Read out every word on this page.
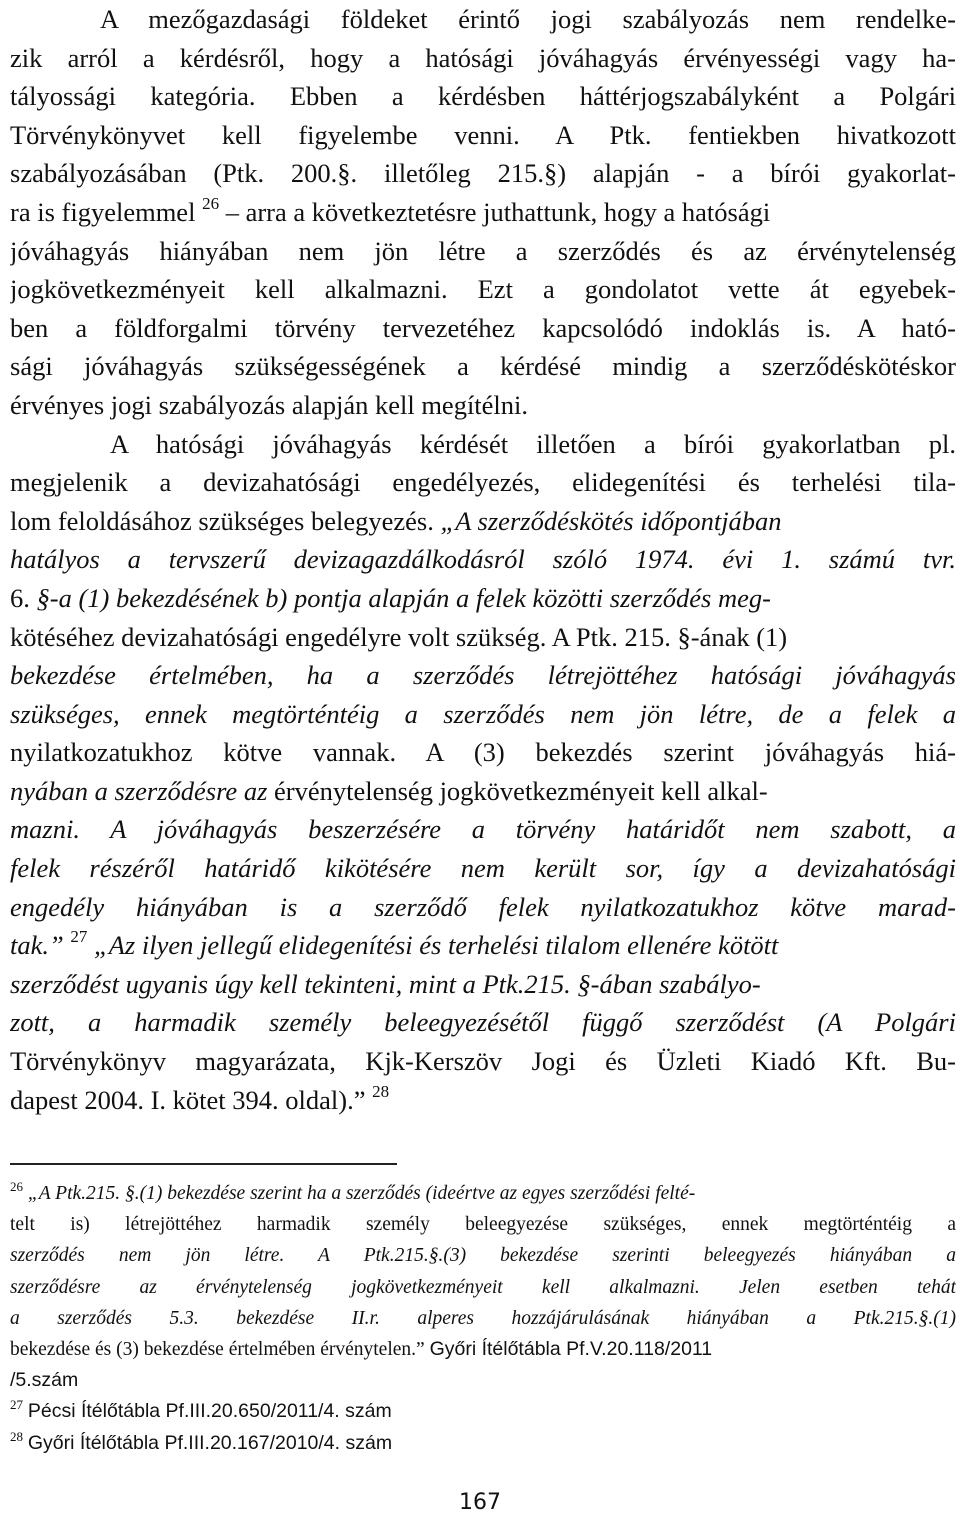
A mezőgazdasági földeket érintő jogi szabályozás nem rendelke-
zik arról a kérdésről, hogy a hatósági jóváhagyás érvényességi vagy ha-
tályossági kategória. Ebben a kérdésben háttérjogszabályként a Polgári
Törvénykönyvet kell figyelembe venni. A Ptk. fentiekben hivatkozott
szabályozásában (Ptk. 200.§. illetőleg 215.§) alapján - a bírói gyakorlat-
ra is figyelemmel $^{26}$ – arra a következtetésre juthattunk, hogy a hatósági
jóváhagyás hiányában nem jön létre a szerződés és az érvénytelenség
jogkövetkezményeit kell alkalmazni. Ezt a gondolatot vette át egyebek-
ben a földforgalmi törvény tervezetéhez kapcsolódó indoklás is. A ható-
sági jóváhagyás szükségességének a kérdésé mindig a szerződéskötéskor
érvényes jogi szabályozás alapján kell megítélni.
A hatósági jóváhagyás kérdését illetően a bírói gyakorlatban pl.
megjelenik a devizahatósági engedélyezés, elidegenítési és terhelési tila-
lom feloldásához szükséges belegyezés. „A szerződéskötés időpontjában
hatályos a tervszerű devizagazdálkodásról szóló 1974. évi 1. számú tvr.
6. §-a (1) bekezdésének b) pontja alapján a felek közötti szerződés meg-
kötéséhez devizahatósági engedélyre volt szükség. A Ptk. 215. §-ának (1)
bekezdése értelmében, ha a szerződés létrejöttéhez hatósági jóváhagyás
szükséges, ennek megtörténtéig a szerződés nem jön létre, de a felek a
nyilatkozatukhoz kötve vannak. A (3) bekezdés szerint jóváhagyás hiá-
nyában a szerződésre az érvénytelenség jogkövetkezményeit kell alkal-
mazni. A jóváhagyás beszerzésére a törvény határidőt nem szabott, a
felek részéről határidő kikötésére nem került sor, így a devizahatósági
engedély hiányában is a szerződő felek nyilatkozatukhoz kötve marad-
tak.” $^{27}$ „Az ilyen jellegű elidegenítési és terhelési tilalom ellenére kötött
szerződést ugyanis úgy kell tekinteni, mint a Ptk.215. §-ában szabályo-
zott, a harmadik személy beleegyezésétől függő szerződést (A Polgári
Törvénykönyv magyarázata, Kjk-Kerszöv Jogi és Üzleti Kiadó Kft. Bu-
dapest 2004. I. kötet 394. oldal).” $^{28}$
$^{26}$ „A Ptk.215. §.(1) bekezdése szerint ha a szerződés (ideértve az egyes szerződési felté-
telt is) létrejöttéhez harmadik személy beleegyezése szükséges, ennek megtörténtéig a
szerződés nem jön létre. A Ptk.215.§.(3) bekezdése szerinti beleegyezés hiányában a
szerződésre az érvénytelenség jogkövetkezményeit kell alkalmazni. Jelen esetben tehát
a szerződés 5.3. bekezdése II.r. alperes hozzájárulásának hiányában a Ptk.215.§.(1)
bekezdése és (3) bekezdése értelmében érvénytelen.” Győri Ítélőtábla Pf.V.20.118/2011
/5.szám
$^{27}$ Pécsi Ítélőtábla Pf.III.20.650/2011/4. szám
$^{28}$ Győri Ítélőtábla Pf.III.20.167/2010/4. szám
167
